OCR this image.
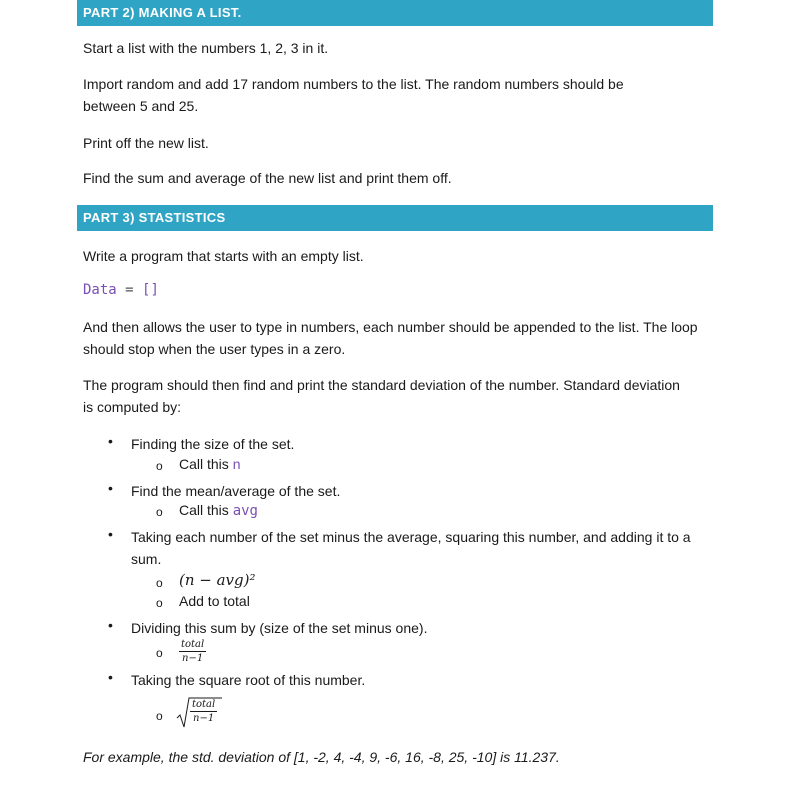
PART 2) MAKING A LIST.
Start a list with the numbers 1, 2, 3 in it.
Import random and add 17 random numbers to the list. The random numbers should be between 5 and 25.
Print off the new list.
Find the sum and average of the new list and print them off.
PART 3) STASTISTICS
Write a program that starts with an empty list.
Data = []
And then allows the user to type in numbers, each number should be appended to the list. The loop should stop when the user types in a zero.
The program should then find and print the standard deviation of the number. Standard deviation is computed by:
• Finding the size of the set.
o Call this n
• Find the mean/average of the set.
o Call this avg
• Taking each number of the set minus the average, squaring this number, and adding it to a sum.
o (n − avg)²
o Add to total
• Dividing this sum by (size of the set minus one).
o
total
n−1
• Taking the square root of this number.
o
total
n−1
For example, the std. deviation of [1, -2, 4, -4, 9, -6, 16, -8, 25, -10] is 11.237.
